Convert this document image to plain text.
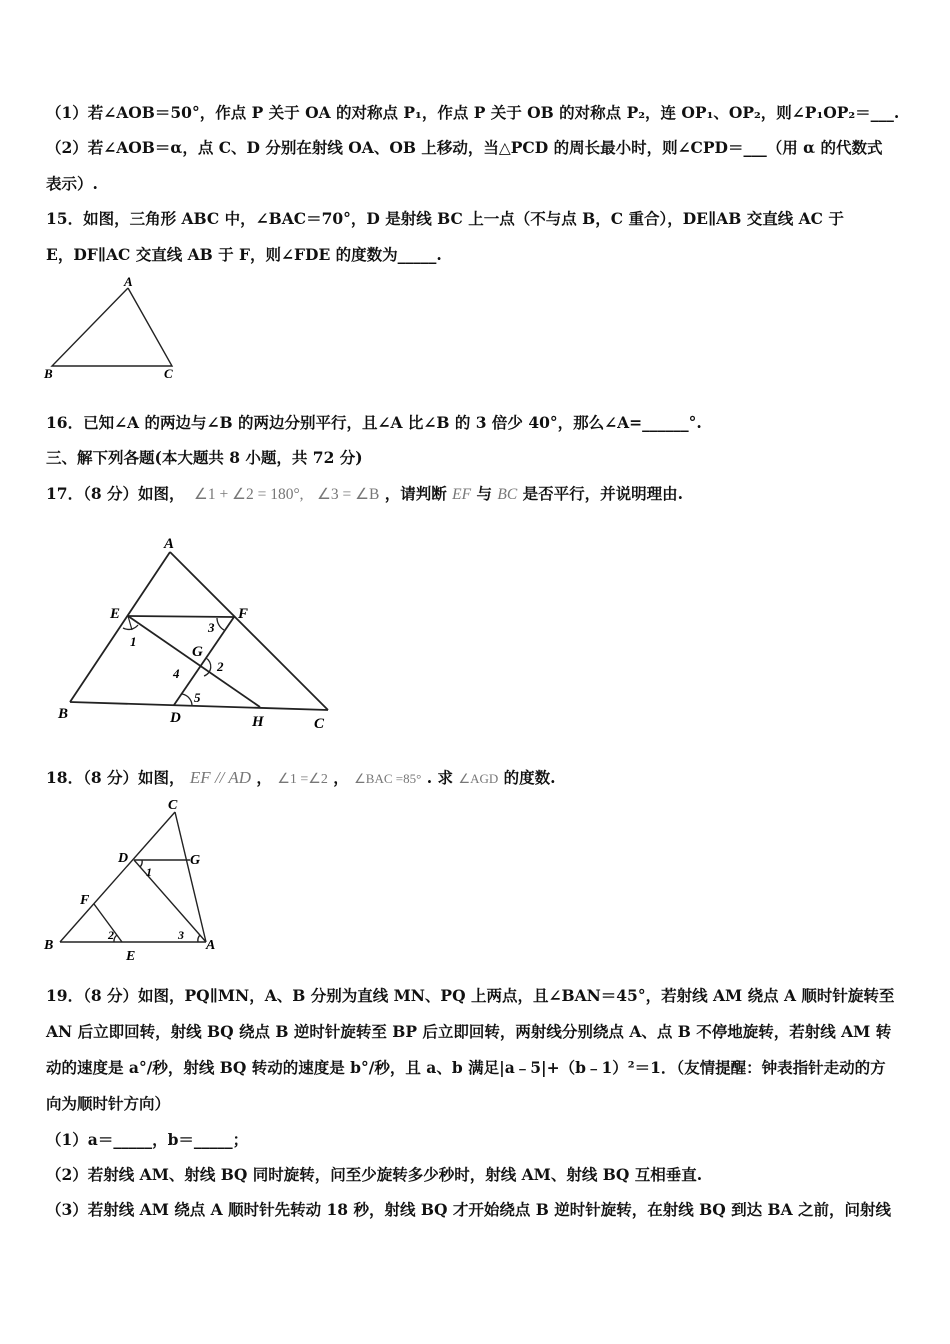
（1）若∠AOB＝50°，作点 P 关于 OA 的对称点 P₁，作点 P 关于 OB 的对称点 P₂，连 OP₁、OP₂，则∠P₁OP₂＝___.
（2）若∠AOB＝α，点 C、D 分别在射线 OA、OB 上移动，当△PCD 的周长最小时，则∠CPD＝___（用 α 的代数式
表示）.
15．如图，三角形 ABC 中，∠BAC＝70°，D 是射线 BC 上一点（不与点 B，C 重合），DE∥AB 交直线 AC 于
E，DF∥AC 交直线 AB 于 F，则∠FDE 的度数为_____.
A
B	C
16．已知∠A 的两边与∠B 的两边分别平行，且∠A 比∠B 的 3 倍少 40°，那么∠A=______°.
三、解下列各题(本大题共 8 小题，共 72 分)
17．（8 分）如图， ∠1 + ∠2 = 180°, ∠3 = ∠B ，请判断 EF 与 BC 是否平行，并说明理由.
A
E	F
B	D	H	C
G
1
2
3
4
5
18．（8 分）如图， EF // AD ， ∠1 =∠2 ， ∠BAC =85° . 求 ∠AGD 的度数.
C
D	G
1
F
B
2	3
A
E
19．（8 分）如图，PQ∥MN，A、B 分别为直线 MN、PQ 上两点，且∠BAN＝45°，若射线 AM 绕点 A 顺时针旋转至
AN 后立即回转，射线 BQ 绕点 B 逆时针旋转至 BP 后立即回转，两射线分别绕点 A、点 B 不停地旋转，若射线 AM 转
动的速度是 a°/秒，射线 BQ 转动的速度是 b°/秒，且 a、b 满足|a﹣5|+（b﹣1）²＝1．（友情提醒：钟表指针走动的方
向为顺时针方向）
（1）a＝_____，b＝_____；
（2）若射线 AM、射线 BQ 同时旋转，问至少旋转多少秒时，射线 AM、射线 BQ 互相垂直.
（3）若射线 AM 绕点 A 顺时针先转动 18 秒，射线 BQ 才开始绕点 B 逆时针旋转，在射线 BQ 到达 BA 之前，问射线
